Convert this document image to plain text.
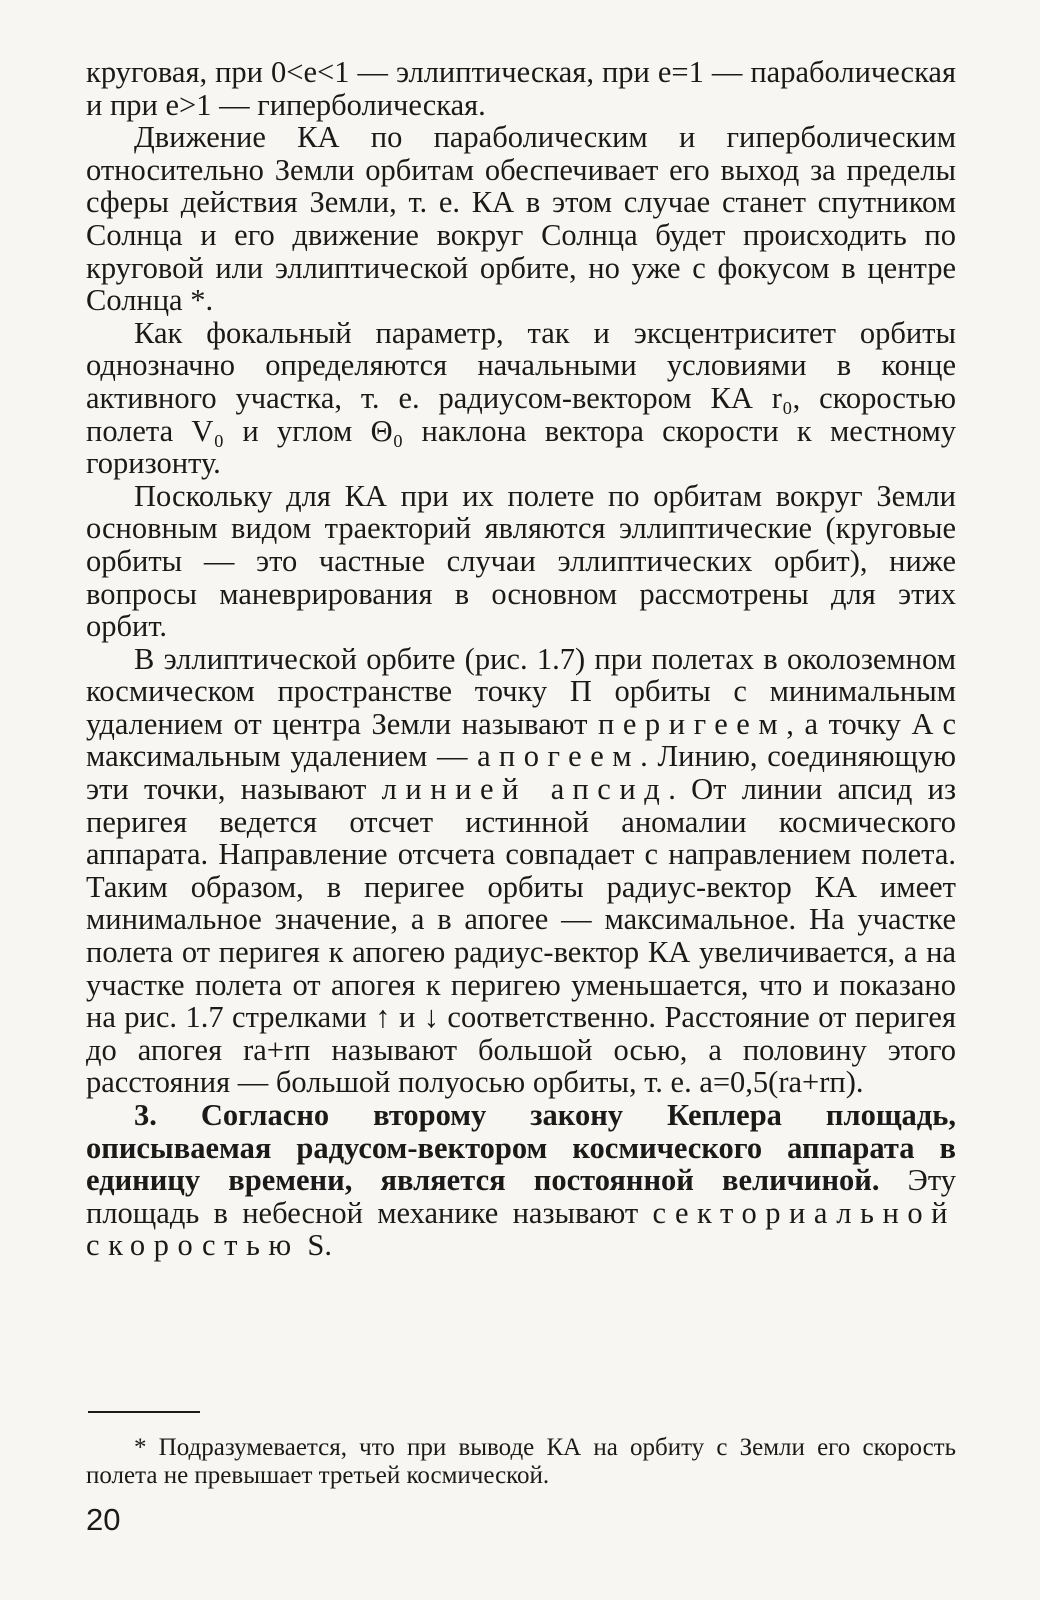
круговая, при 0<e<1 — эллиптическая, при e=1 — параболическая и при e>1 — гиперболическая.

Движение КА по параболическим и гиперболическим относительно Земли орбитам обеспечивает его выход за пределы сферы действия Земли, т. е. КА в этом случае станет спутником Солнца и его движение вокруг Солнца будет происходить по круговой или эллиптической орбите, но уже с фокусом в центре Солнца *.

Как фокальный параметр, так и эксцентриситет орбиты однозначно определяются начальными условиями в конце активного участка, т. е. радиусом-вектором КА r₀, скоростью полета V₀ и углом Θ₀ наклона вектора скорости к местному горизонту.

Поскольку для КА при их полете по орбитам вокруг Земли основным видом траекторий являются эллиптические (круговые орбиты — это частные случаи эллиптических орбит), ниже вопросы маневрирования в основном рассмотрены для этих орбит.

В эллиптической орбите (рис. 1.7) при полетах в околоземном космическом пространстве точку П орбиты с минимальным удалением от центра Земли называют перигеем, а точку A с максимальным удалением — апогеем. Линию, соединяющую эти точки, называют линией апсид. От линии апсид из перигея ведется отсчет истинной аномалии космического аппарата. Направление отсчета совпадает с направлением полета. Таким образом, в перигее орбиты радиус-вектор КА имеет минимальное значение, а в апогее — максимальное. На участке полета от перигея к апогею радиус-вектор КА увеличивается, а на участке полета от апогея к перигею уменьшается, что и показано на рис. 1.7 стрелками ↑ и ↓ соответственно. Расстояние от перигея до апогея rа+rп называют большой осью, а половину этого расстояния — большой полуосью орбиты, т. е. a=0,5(rа+rп).

3. Согласно второму закону Кеплера площадь, описываемая радусом-вектором космического аппарата в единицу времени, является постоянной величиной. Эту площадь в небесной механике называют секториальной скоростью S.

* Подразумевается, что при выводе КА на орбиту с Земли его скорость полета не превышает третьей космической.

20
